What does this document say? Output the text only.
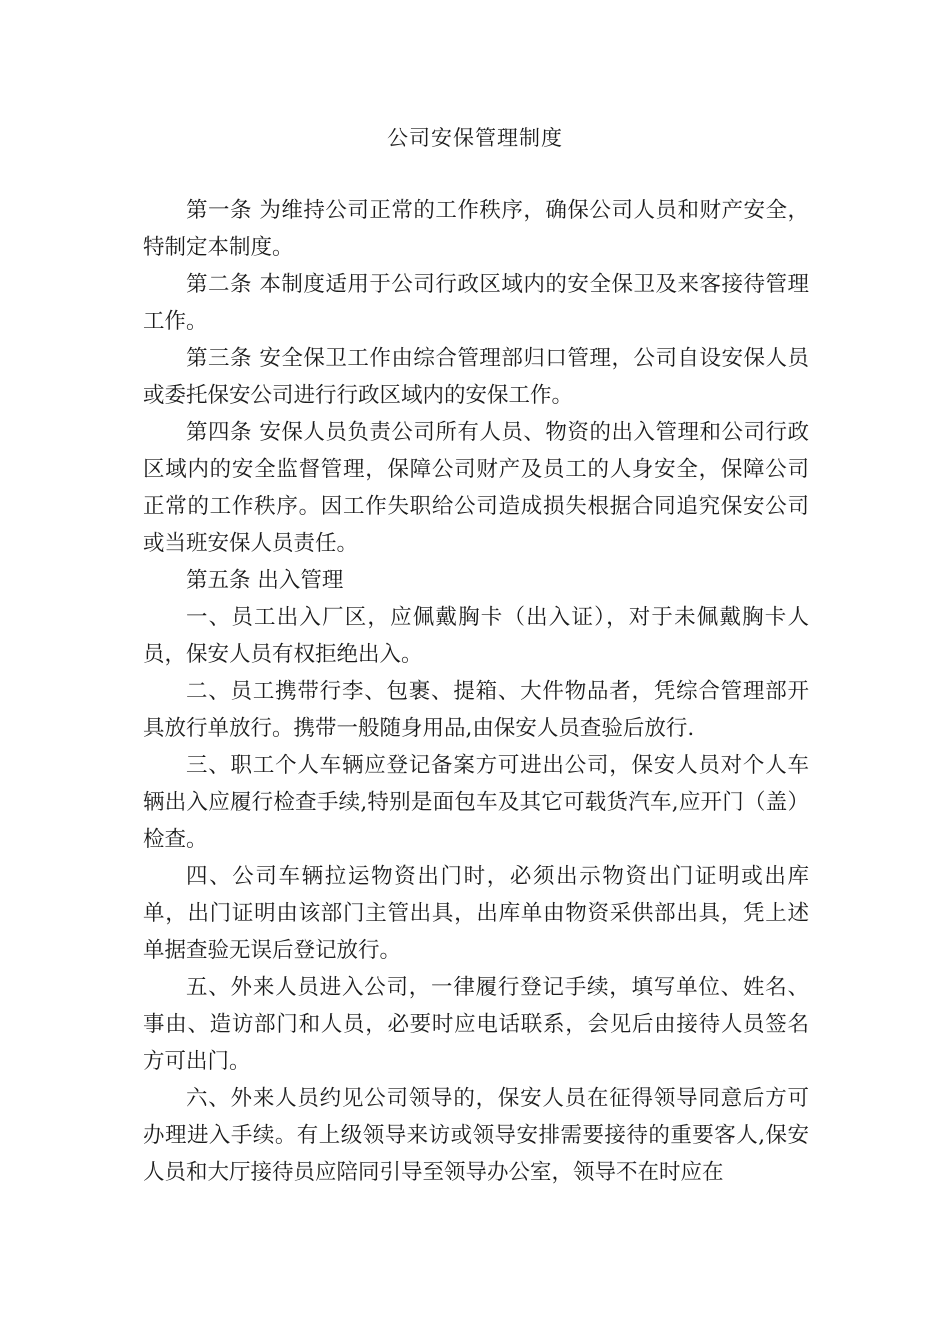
公司安保管理制度

第一条 为维持公司正常的工作秩序，确保公司人员和财产安全，特制定本制度。

第二条 本制度适用于公司行政区域内的安全保卫及来客接待管理工作。

第三条 安全保卫工作由综合管理部归口管理，公司自设安保人员或委托保安公司进行行政区域内的安保工作。

第四条 安保人员负责公司所有人员、物资的出入管理和公司行政区域内的安全监督管理，保障公司财产及员工的人身安全，保障公司正常的工作秩序。因工作失职给公司造成损失根据合同追究保安公司或当班安保人员责任。

第五条 出入管理

一、员工出入厂区，应佩戴胸卡（出入证），对于未佩戴胸卡人员，保安人员有权拒绝出入。

二、员工携带行李、包裹、提箱、大件物品者，凭综合管理部开具放行单放行。携带一般随身用品,由保安人员查验后放行.

三、职工个人车辆应登记备案方可进出公司，保安人员对个人车辆出入应履行检查手续,特别是面包车及其它可载货汽车,应开门（盖）检查。

四、公司车辆拉运物资出门时，必须出示物资出门证明或出库单，出门证明由该部门主管出具，出库单由物资采供部出具，凭上述单据查验无误后登记放行。

五、外来人员进入公司，一律履行登记手续，填写单位、姓名、事由、造访部门和人员，必要时应电话联系，会见后由接待人员签名方可出门。

六、外来人员约见公司领导的，保安人员在征得领导同意后方可办理进入手续。有上级领导来访或领导安排需要接待的重要客人,保安人员和大厅接待员应陪同引导至领导办公室，领导不在时应在
